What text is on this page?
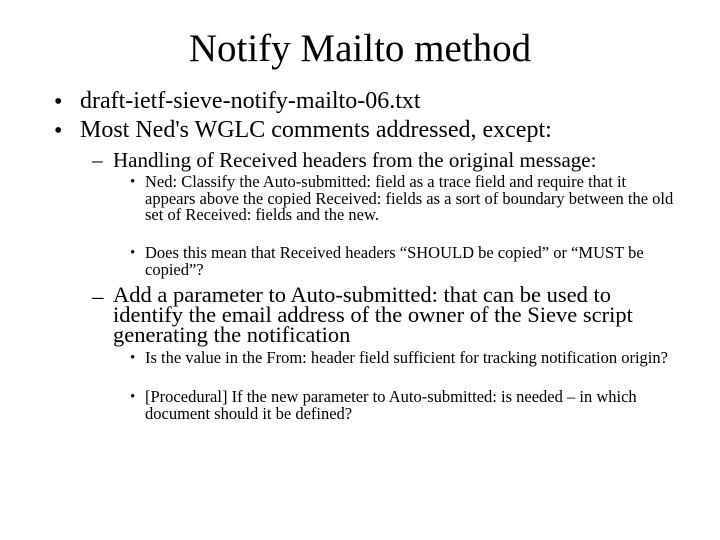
Notify Mailto method
• draft-ietf-sieve-notify-mailto-06.txt
• Most Ned's WGLC comments addressed, except:
– Handling of Received headers from the original message:
• Ned: Classify the Auto-submitted: field as a trace field and require that it appears above the copied Received: fields as a sort of boundary between the old set of Received: fields and the new.
• Does this mean that Received headers “SHOULD be copied” or “MUST be copied”?
– Add a parameter to Auto-submitted: that can be used to identify the email address of the owner of the Sieve script generating the notification
• Is the value in the From: header field sufficient for tracking notification origin?
• [Procedural] If the new parameter to Auto-submitted: is needed – in which document should it be defined?
